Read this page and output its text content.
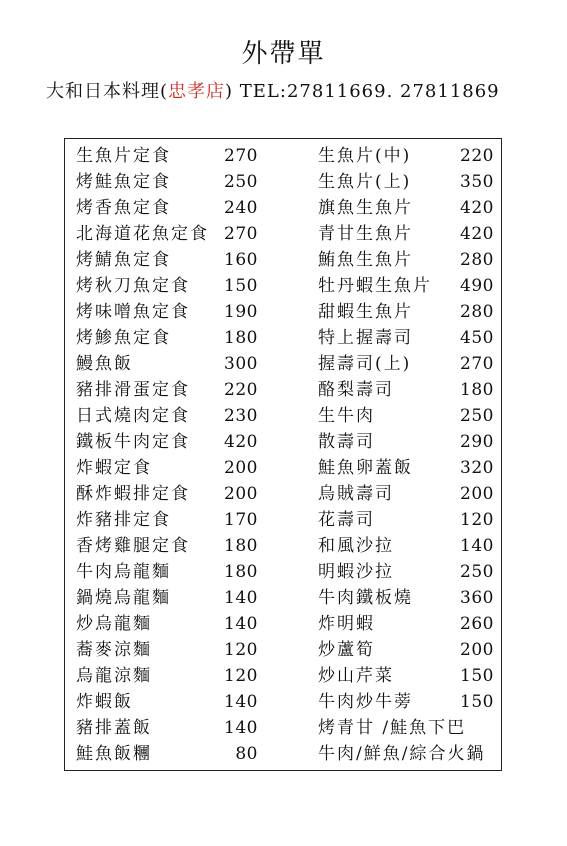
外帶單
大和日本料理(忠孝店) TEL:27811669. 27811869
生魚片定食	270
烤鮭魚定食	250
烤香魚定食	240
北海道花魚定食 270
烤鯖魚定食	160
烤秋刀魚定食 150
烤味噌魚定食 190
烤鯵魚定食	180
鰻魚飯	300
豬排滑蛋定食 220
日式燒肉定食 230
鐵板牛肉定食 420
炸蝦定食	200
酥炸蝦排定食 200
炸豬排定食	170
香烤雞腿定食 180
牛肉烏龍麵	180
鍋燒烏龍麵	140
炒烏龍麵	140
蕎麥涼麵	120
烏龍涼麵	120
炸蝦飯	140
豬排蓋飯	140
鮭魚飯糰	80
生魚片(中)	220
生魚片(上)	350
旗魚生魚片	420
青甘生魚片	420
鮪魚生魚片	280
牡丹蝦生魚片 490
甜蝦生魚片	280
特上握壽司	450
握壽司(上)	270
酪梨壽司	180
生牛肉	250
散壽司	290
鮭魚卵蓋飯	320
烏賊壽司	200
花壽司	120
和風沙拉	140
明蝦沙拉	250
牛肉鐵板燒	360
炸明蝦	260
炒蘆筍	200
炒山芹菜	150
牛肉炒牛蒡	150
烤青甘 /鮭魚下巴
牛肉/鮮魚/綜合火鍋
